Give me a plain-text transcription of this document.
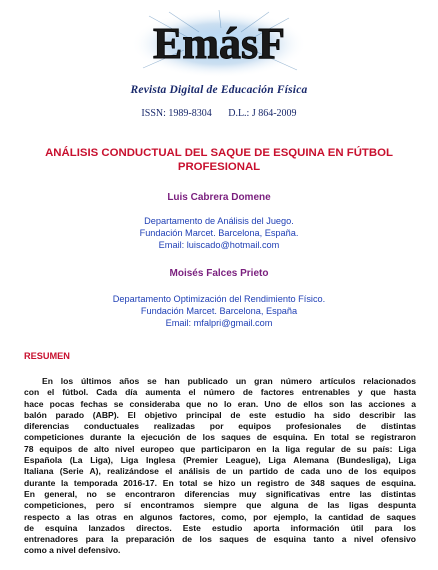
EmásF
Revista Digital de Educación Física
ISSN: 1989-8304 D.L.: J 864-2009
ANÁLISIS CONDUCTUAL DEL SAQUE DE ESQUINA EN FÚTBOL
PROFESIONAL
Luis Cabrera Domene
Departamento de Análisis del Juego.
Fundación Marcet. Barcelona, España.
Email: luiscado@hotmail.com
Moisés Falces Prieto
Departamento Optimización del Rendimiento Físico.
Fundación Marcet. Barcelona, España
Email: mfalpri@gmail.com
RESUMEN
En los últimos años se han publicado un gran número artículos relacionados
con el fútbol. Cada día aumenta el número de factores entrenables y que hasta
hace pocas fechas se consideraba que no lo eran. Uno de ellos son las acciones a
balón parado (ABP). El objetivo principal de este estudio ha sido describir las
diferencias conductuales realizadas por equipos profesionales de distintas
competiciones durante la ejecución de los saques de esquina. En total se registraron
78 equipos de alto nivel europeo que participaron en la liga regular de su país: Liga
Española (La Liga), Liga Inglesa (Premier League), Liga Alemana (Bundesliga), Liga
Italiana (Serie A), realizándose el análisis de un partido de cada uno de los equipos
durante la temporada 2016-17. En total se hizo un registro de 348 saques de esquina.
En general, no se encontraron diferencias muy significativas entre las distintas
competiciones, pero sí encontramos siempre que alguna de las ligas despunta
respecto a las otras en algunos factores, como, por ejemplo, la cantidad de saques
de esquina lanzados directos. Este estudio aporta información útil para los
entrenadores para la preparación de los saques de esquina tanto a nivel ofensivo
como a nivel defensivo.
